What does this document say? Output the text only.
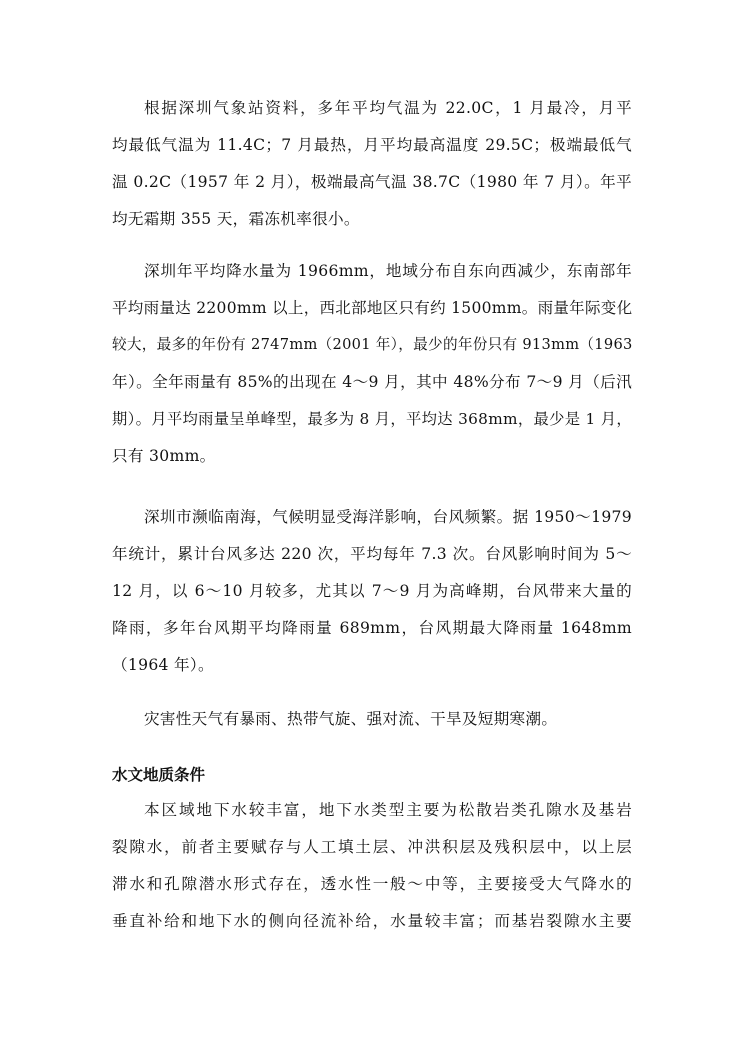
根据深圳气象站资料，多年平均气温为 22.0C，1 月最冷，月平
均最低气温为 11.4C；7 月最热，月平均最高温度 29.5C；极端最低气
温 0.2C（1957 年 2 月），极端最高气温 38.7C（1980 年 7 月）。年平
均无霜期 355 天，霜冻机率很小。
深圳年平均降水量为 1966mm，地域分布自东向西减少，东南部年
平均雨量达 2200mm 以上，西北部地区只有约 1500mm。雨量年际变化
较大，最多的年份有 2747mm（2001 年），最少的年份只有 913mm（1963
年）。全年雨量有 85%的出现在 4～9 月，其中 48%分布 7～9 月（后汛
期）。月平均雨量呈单峰型，最多为 8 月，平均达 368mm，最少是 1 月，
只有 30mm。
深圳市濒临南海，气候明显受海洋影响，台风频繁。据 1950～1979
年统计，累计台风多达 220 次，平均每年 7.3 次。台风影响时间为 5～
12 月，以 6～10 月较多，尤其以 7～9 月为高峰期，台风带来大量的
降雨，多年台风期平均降雨量 689mm，台风期最大降雨量 1648mm
（1964 年）。
灾害性天气有暴雨、热带气旋、强对流、干旱及短期寒潮。
水文地质条件
本区域地下水较丰富，地下水类型主要为松散岩类孔隙水及基岩
裂隙水，前者主要赋存与人工填土层、冲洪积层及残积层中，以上层
滞水和孔隙潜水形式存在，透水性一般～中等，主要接受大气降水的
垂直补给和地下水的侧向径流补给，水量较丰富；而基岩裂隙水主要
